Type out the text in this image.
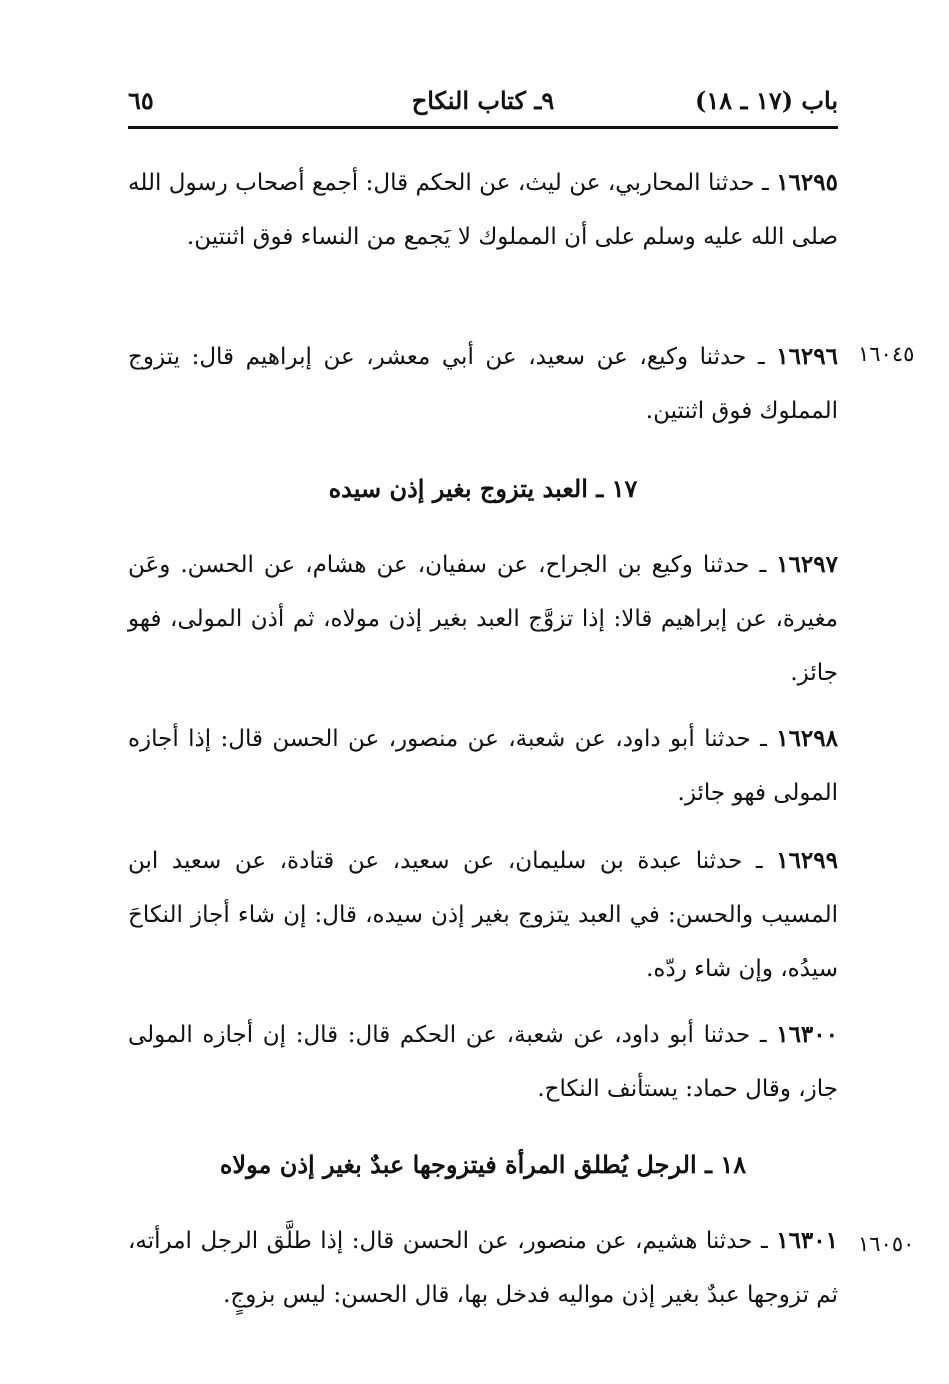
باب (١٧ ـ ١٨)
٩ـ كتاب النكاح
٦٥
١٦٢٩٥ ـ حدثنا المحاربي، عن ليث، عن الحكم قال: أجمع أصحاب رسول الله صلى الله عليه وسلم على أن المملوك لا يَجمع من النساء فوق اثنتين.
١٦٠٤٥
١٦٢٩٦ ـ حدثنا وكيع، عن سعيد، عن أبي معشر، عن إبراهيم قال: يتزوج المملوك فوق اثنتين.
١٧ ـ العبد يتزوج بغير إذن سيده
١٦٢٩٧ ـ حدثنا وكيع بن الجراح، عن سفيان، عن هشام، عن الحسن. وعَن مغيرة، عن إبراهيم قالا: إذا تزوَّج العبد بغير إذن مولاه، ثم أذن المولى، فهو جائز.
١٦٢٩٨ ـ حدثنا أبو داود، عن شعبة، عن منصور، عن الحسن قال: إذا أجازه المولى فهو جائز.
١٦٢٩٩ ـ حدثنا عبدة بن سليمان، عن سعيد، عن قتادة، عن سعيد ابن المسيب والحسن: في العبد يتزوج بغير إذن سيده، قال: إن شاء أجاز النكاحَ سيدُه، وإن شاء ردّه.
١٦٣٠٠ ـ حدثنا أبو داود، عن شعبة، عن الحكم قال: قال: إن أجازه المولى جاز، وقال حماد: يستأنف النكاح.
١٨ ـ الرجل يُطلق المرأة فيتزوجها عبدٌ بغير إذن مولاه
١٦٠٥٠
١٦٣٠١ ـ حدثنا هشيم، عن منصور، عن الحسن قال: إذا طلَّق الرجل امرأته، ثم تزوجها عبدٌ بغير إذن مواليه فدخل بها، قال الحسن: ليس بزوجٍ.
